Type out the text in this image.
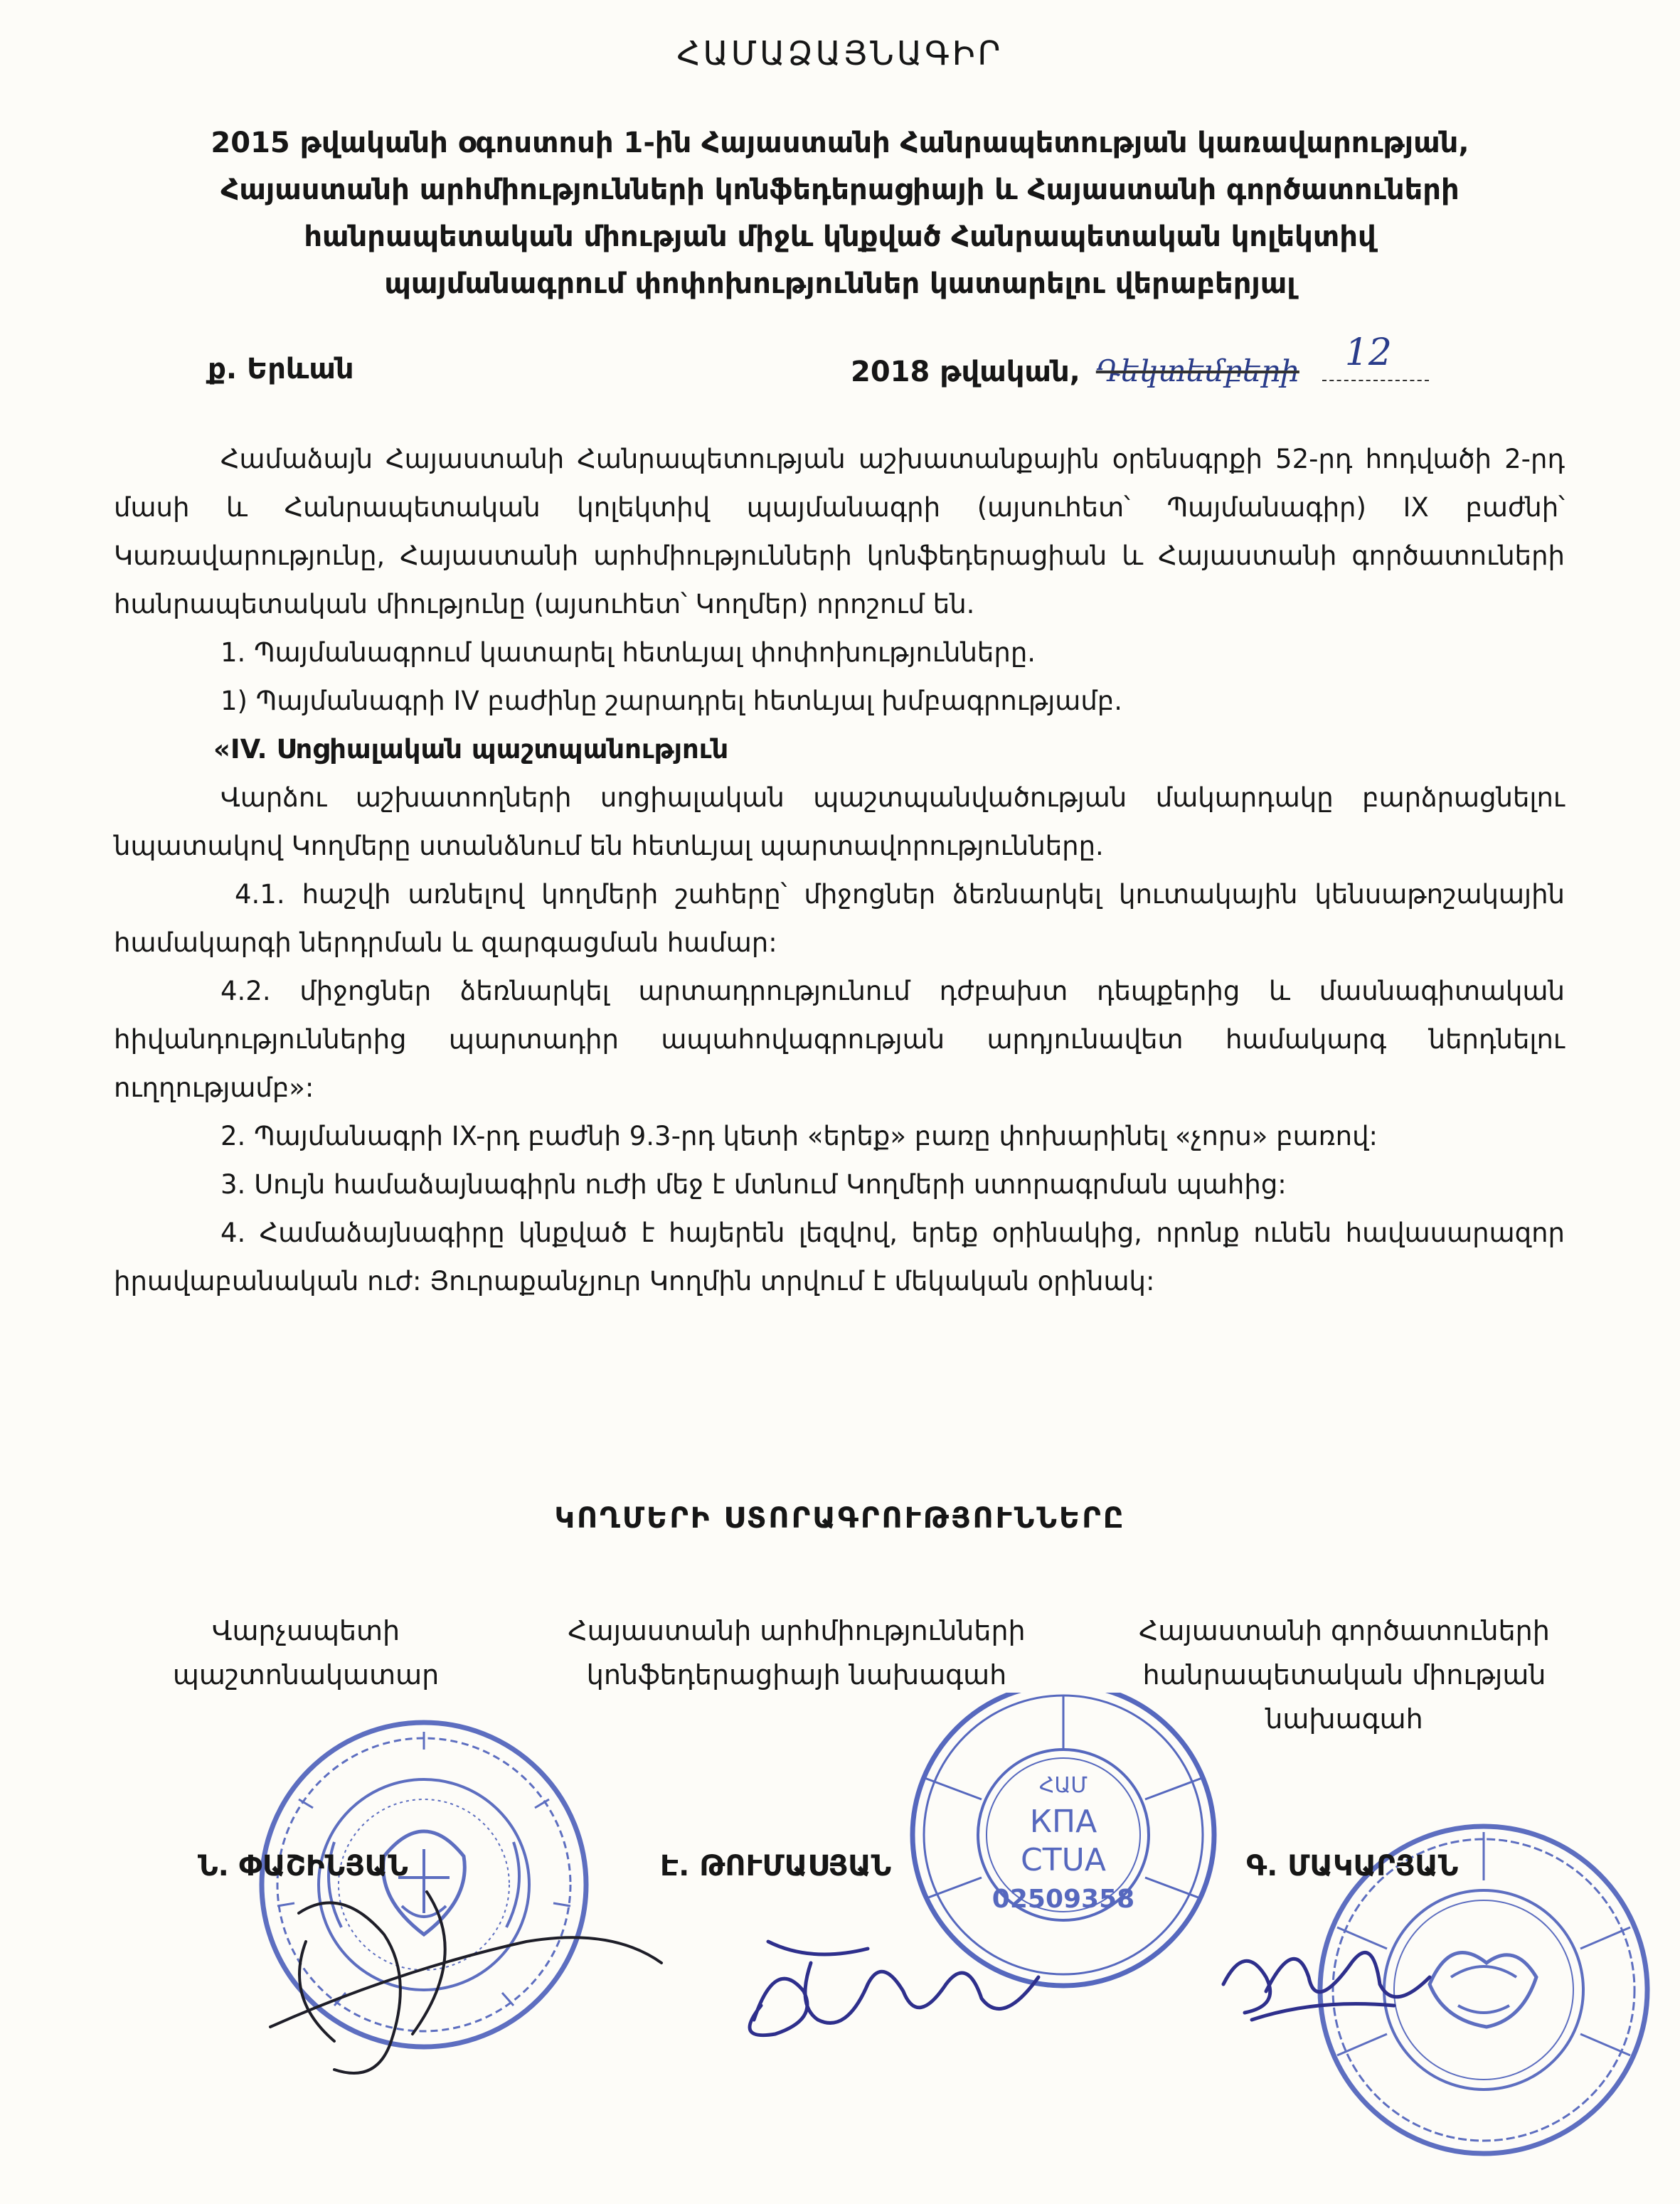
ՀԱՄԱՁԱՅՆԱԳԻՐ
2015 թվականի օգոստոսի 1-ին Հայաստանի Հանրապետության կառավարության,
Հայաստանի արհմիությունների կոնֆեդերացիայի և Հայաստանի գործատուների
հանրապետական միության միջև կնքված Հանրապետական կոլեկտիվ
պայմանագրում փոփոխություններ կատարելու վերաբերյալ
ք. Երևան	2018 թվական, Դեկտեմբերի 12

Համաձայն Հայաստանի Հանրապետության աշխատանքային օրենսգրքի 52-րդ հոդվածի 2-րդ մասի և Հանրապետական կոլեկտիվ պայմանագրի (այսուհետ՝ Պայմանագիր) IX բաժնի՝ Կառավարությունը, Հայաստանի արհմիությունների կոնֆեդերացիան և Հայաստանի գործատուների հանրապետական միությունը (այսուհետ՝ Կողմեր) որոշում են.

1. Պայմանագրում կատարել հետևյալ փոփոխությունները.

1) Պայմանագրի IV բաժինը շարադրել հետևյալ խմբագրությամբ.

«IV. Սոցիալական պաշտպանություն

Վարձու աշխատողների սոցիալական պաշտպանվածության մակարդակը բարձրացնելու նպատակով Կողմերը ստանձնում են հետևյալ պարտավորությունները.

4.1. հաշվի առնելով կողմերի շահերը՝ միջոցներ ձեռնարկել կուտակային կենսաթոշակային համակարգի ներդրման և զարգացման համար:

4.2. միջոցներ ձեռնարկել արտադրությունում դժբախտ դեպքերից և մասնագիտական հիվանդություններից պարտադիր ապահովագրության արդյունավետ համակարգ ներդնելու ուղղությամբ»:

2. Պայմանագրի IX-րդ բաժնի 9.3-րդ կետի «երեք» բառը փոխարինել «չորս» բառով:

3. Սույն համաձայնագիրն ուժի մեջ է մտնում Կողմերի ստորագրման պահից:

4. Համաձայնագիրը կնքված է հայերեն լեզվով, երեք օրինակից, որոնք ունեն հավասարազոր իրավաբանական ուժ: Յուրաքանչյուր Կողմին տրվում է մեկական օրինակ:

ԿՈՂՄԵՐԻ ՍՏՈՐԱԳՐՈՒԹՅՈՒՆՆԵՐԸ
Վարչապետի
պաշտոնակատար
Հայաստանի արհմիությունների
կոնֆեդերացիայի նախագահ
Հայաստանի գործատուների
հանրապետական միության
նախագահ
ՀԱՄ
КПА
CTUA
02509358
Ն. ՓԱՇԻՆՅԱՆ	Է. ԹՈՒՄԱՍՅԱՆ	Գ. ՄԱԿԱՐՅԱՆ
